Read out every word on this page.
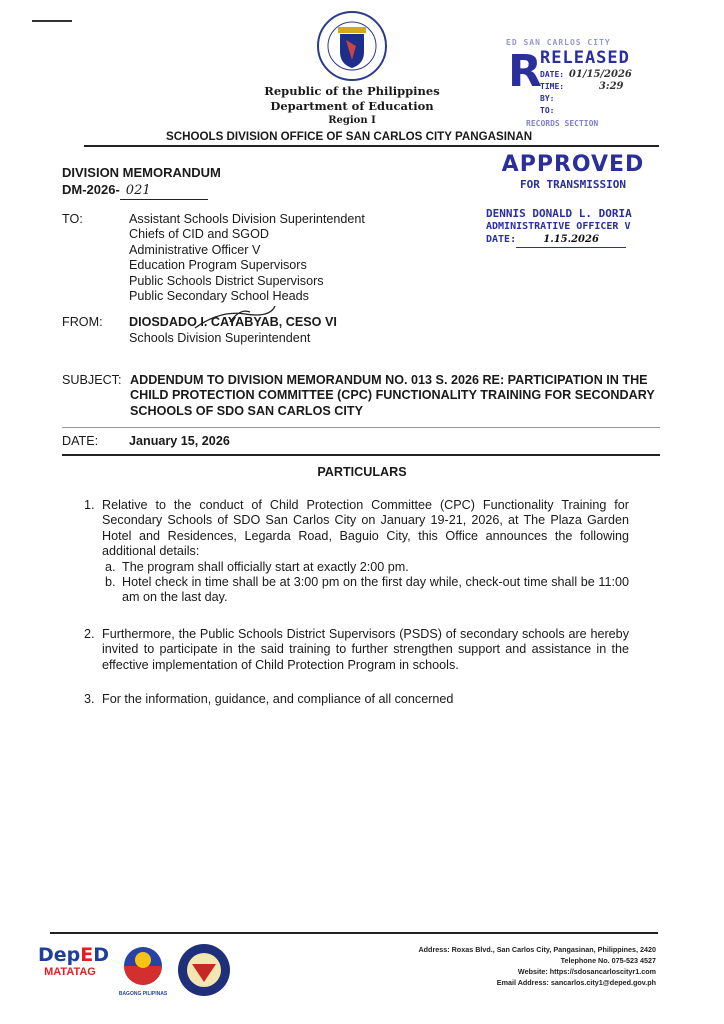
Republic of the Philippines
Department of Education
Region I
SCHOOLS DIVISION OFFICE OF SAN CARLOS CITY PANGASINAN
ED SAN CARLOS CITY
R
RELEASED
DATE: 01/15/2026
TIME:	3:29
BY:
TO:
RECORDS SECTION
APPROVED
FOR TRANSMISSION
DENNIS DONALD L. DORIA
ADMINISTRATIVE OFFICER V
DATE:	1.15.2026
DIVISION MEMORANDUM
DM-2026- 021
TO:	Assistant Schools Division Superintendent
Chiefs of CID and SGOD
Administrative Officer V
Education Program Supervisors
Public Schools District Supervisors
Public Secondary School Heads
FROM: DIOSDADO I. CAYABYAB, CESO VI
Schools Division Superintendent
SUBJECT: ADDENDUM TO DIVISION MEMORANDUM NO. 013 S. 2026 RE: PARTICIPATION IN THE CHILD PROTECTION COMMITTEE (CPC) FUNCTIONALITY TRAINING FOR SECONDARY SCHOOLS OF SDO SAN CARLOS CITY
DATE: January 15, 2026
PARTICULARS
1. Relative to the conduct of Child Protection Committee (CPC) Functionality Training for Secondary Schools of SDO San Carlos City on January 19-21, 2026, at The Plaza Garden Hotel and Residences, Legarda Road, Baguio City, this Office announces the following additional details:
a. The program shall officially start at exactly 2:00 pm.
b. Hotel check in time shall be at 3:00 pm on the first day while, check-out time shall be 11:00 am on the last day.
2. Furthermore, the Public Schools District Supervisors (PSDS) of secondary schools are hereby invited to participate in the said training to further strengthen support and assistance in the effective implementation of Child Protection Program in schools.
3. For the information, guidance, and compliance of all concerned
DepED
MATATAG
BAGONG PILIPINAS
Address: Roxas Blvd., San Carlos City, Pangasinan, Philippines, 2420
Telephone No. 075-523 4527
Website: https://sdosancarloscityr1.com
Email Address: sancarlos.city1@deped.gov.ph
